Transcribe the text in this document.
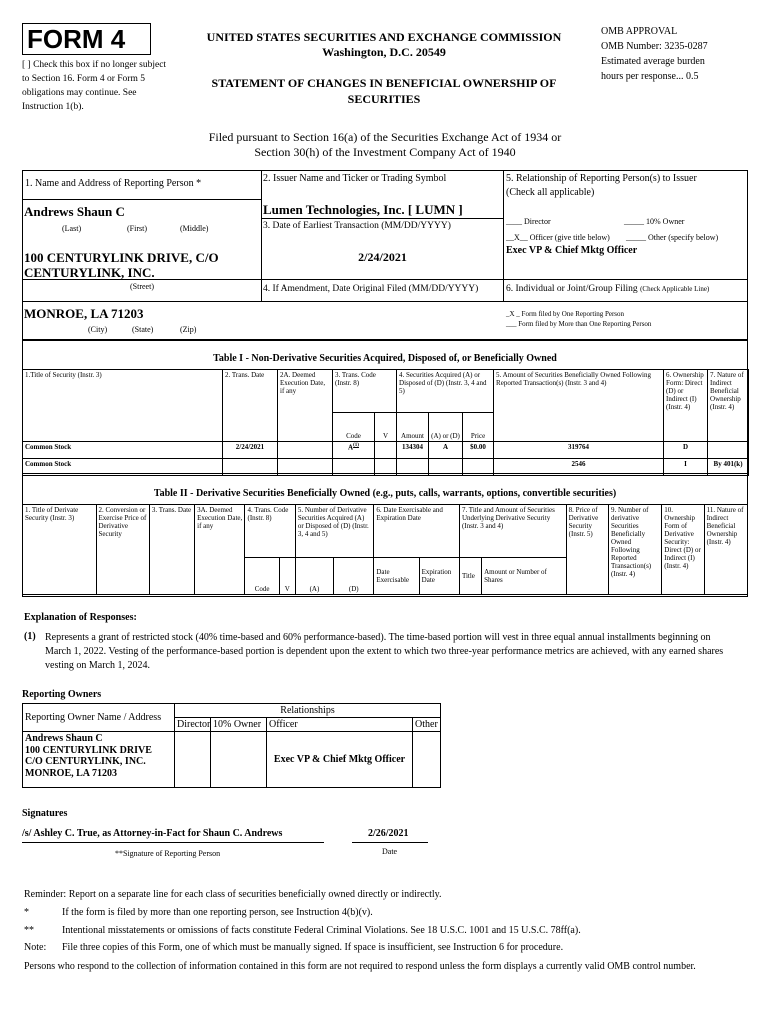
FORM 4
[ ] Check this box if no longer subject to Section 16. Form 4 or Form 5 obligations may continue. See Instruction 1(b).
UNITED STATES SECURITIES AND EXCHANGE COMMISSION
Washington, D.C. 20549
STATEMENT OF CHANGES IN BENEFICIAL OWNERSHIP OF SECURITIES
OMB APPROVAL
OMB Number: 3235-0287
Estimated average burden
hours per response... 0.5
Filed pursuant to Section 16(a) of the Securities Exchange Act of 1934 or
Section 30(h) of the Investment Company Act of 1940
1. Name and Address of Reporting Person *
Andrews Shaun C
(Last)	(First)	(Middle)
100 CENTURYLINK DRIVE, C/O
CENTURYLINK, INC.
(Street)
MONROE, LA 71203
(City)	(State)	(Zip)
2. Issuer Name and Ticker or Trading Symbol
Lumen Technologies, Inc. [ LUMN ]
3. Date of Earliest Transaction (MM/DD/YYYY)
2/24/2021
4. If Amendment, Date Original Filed (MM/DD/YYYY)
5. Relationship of Reporting Person(s) to Issuer
(Check all applicable)
____ Director	_____ 10% Owner
__X__ Officer (give title below) _____ Other (specify below)
Exec VP & Chief Mktg Officer
6. Individual or Joint/Group Filing (Check Applicable Line)
_X _ Form filed by One Reporting Person
___ Form filed by More than One Reporting Person
Table I - Non-Derivative Securities Acquired, Disposed of, or Beneficially Owned
1.Title of Security (Instr. 3)	2. Trans. Date	2A. Deemed Execution Date, if any	3. Trans. Code (Instr. 8)		4. Securities Acquired (A) or Disposed of (D) (Instr. 3, 4 and 5)			5. Amount of Securities Beneficially Owned Following Reported Transaction(s) (Instr. 3 and 4)	6. Ownership Form: Direct (D) or Indirect (I) (Instr. 4)	7. Nature of Indirect Beneficial Ownership (Instr. 4)
			Code	V	Amount	(A) or (D)	Price			
Common Stock	2/24/2021		$A^{(1)}$		134304	A	$0.00	319764	D	
Common Stock								2546	I	By 401(k)
Table II - Derivative Securities Beneficially Owned (e.g., puts, calls, warrants, options, convertible securities)
1. Title of Derivate Security (Instr. 3)	2. Conversion or Exercise Price of Derivative Security	3. Trans. Date	3A. Deemed Execution Date, if any	4. Trans. Code (Instr. 8)		5. Number of Derivative Securities Acquired (A) or Disposed of (D) (Instr. 3, 4 and 5)		6. Date Exercisable and Expiration Date		7. Title and Amount of Securities Underlying Derivative Security (Instr. 3 and 4)		8. Price of Derivative Security (Instr. 5)	9. Number of derivative Securities Beneficially Owned Following Reported Transaction(s) (Instr. 4)	10. Ownership Form of Derivative Security: Direct (D) or Indirect (I) (Instr. 4)	11. Nature of Indirect Beneficial Ownership (Instr. 4)
				Code	V	(A)	(D)	Date Exercisable	Expiration Date	Title	Amount or Number of Shares				
Explanation of Responses:
(1) Represents a grant of restricted stock (40% time-based and 60% performance-based). The time-based portion will vest in three equal annual installments beginning on March 1, 2022. Vesting of the performance-based portion is dependent upon the extent to which two three-year performance metrics are achieved, with any earned shares vesting on March 1, 2024.
Reporting Owners
Reporting Owner Name / Address	Relationships			
	Director	10% Owner	Officer	Other

Andrews Shaun C
100 CENTURYLINK DRIVE
C/O CENTURYLINK, INC.
MONROE, LA 71203			Exec VP & Chief Mktg Officer	
Signatures
/s/ Ashley C. True, as Attorney-in-Fact for Shaun C. Andrews	2/26/2021
**Signature of Reporting Person	Date
Reminder: Report on a separate line for each class of securities beneficially owned directly or indirectly.
*	If the form is filed by more than one reporting person, see Instruction 4(b)(v).
**	Intentional misstatements or omissions of facts constitute Federal Criminal Violations. See 18 U.S.C. 1001 and 15 U.S.C. 78ff(a).
Note: File three copies of this Form, one of which must be manually signed. If space is insufficient, see Instruction 6 for procedure.
Persons who respond to the collection of information contained in this form are not required to respond unless the form displays a currently valid OMB control number.
